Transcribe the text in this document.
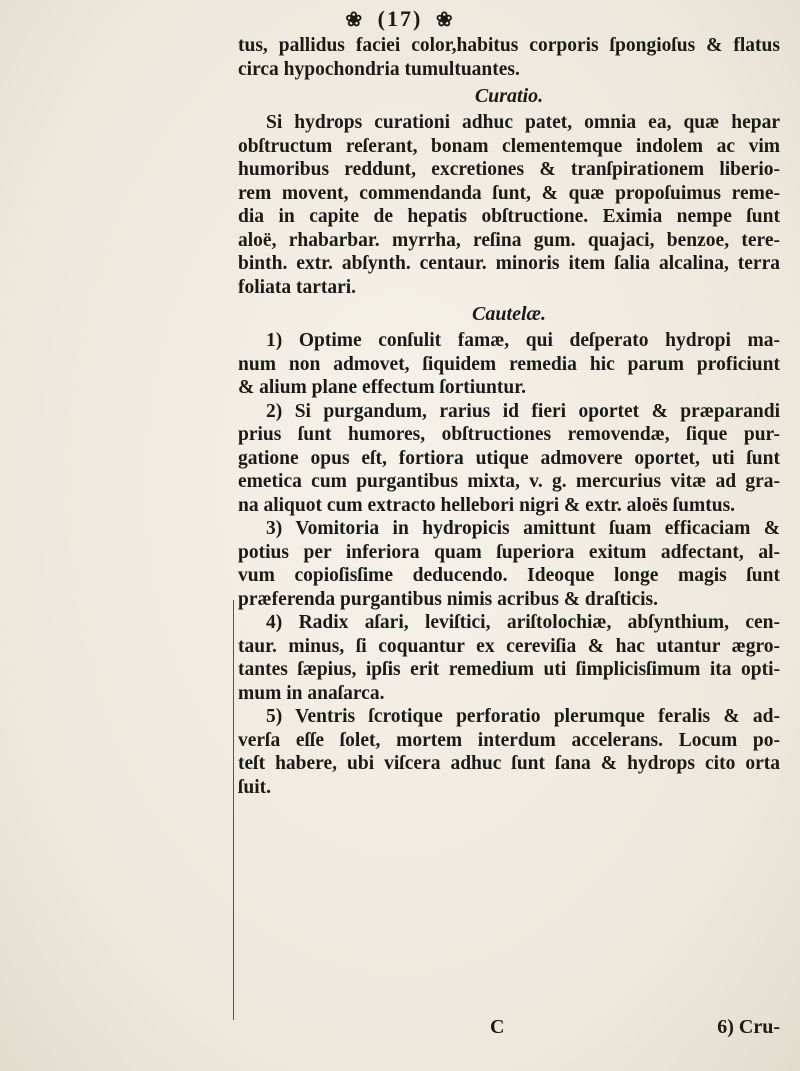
❀ (17) ❀
tus, pallidus faciei color,habitus corporis ſpongioſus & flatus
circa hypochondria tumultuantes.
Curatio.
Si hydrops curationi adhuc patet, omnia ea, quæ hepar
obſtructum reſerant, bonam clementemque indolem ac vim
humoribus reddunt, excretiones & tranſpirationem liberio-
rem movent, commendanda ſunt, & quæ propoſuimus reme-
dia in capite de hepatis obſtructione. Eximia nempe ſunt
aloë, rhabarbar. myrrha, reſina gum. quajaci, benzoe, tere-
binth. extr. abſynth. centaur. minoris item ſalia alcalina, terra
foliata tartari.
Cautelæ.
1) Optime conſulit famæ, qui deſperato hydropi ma-
num non admovet, ſiquidem remedia hic parum proficiunt
& alium plane effectum ſortiuntur.
2) Si purgandum, rarius id fieri oportet & præparandi
prius ſunt humores, obſtructiones removendæ, ſique pur-
gatione opus eſt, fortiora utique admovere oportet, uti ſunt
emetica cum purgantibus mixta, v. g. mercurius vitæ ad gra-
na aliquot cum extracto hellebori nigri & extr. aloës ſumtus.
3) Vomitoria in hydropicis amittunt ſuam efficaciam &
potius per inferiora quam ſuperiora exitum adfectant, al-
vum copioſisſime deducendo. Ideoque longe magis ſunt
præferenda purgantibus nimis acribus & draſticis.
4) Radix aſari, leviſtici, ariſtolochiæ, abſynthium, cen-
taur. minus, ſi coquantur ex cereviſia & hac utantur ægro-
tantes ſæpius, ipſis erit remedium uti ſimplicisſimum ita opti-
mum in anaſarca.
5) Ventris ſcrotique perforatio plerumque feralis & ad-
verſa eſſe ſolet, mortem interdum accelerans. Locum po-
teſt habere, ubi viſcera adhuc ſunt ſana & hydrops cito orta
ſuit.
C	6) Cru-
